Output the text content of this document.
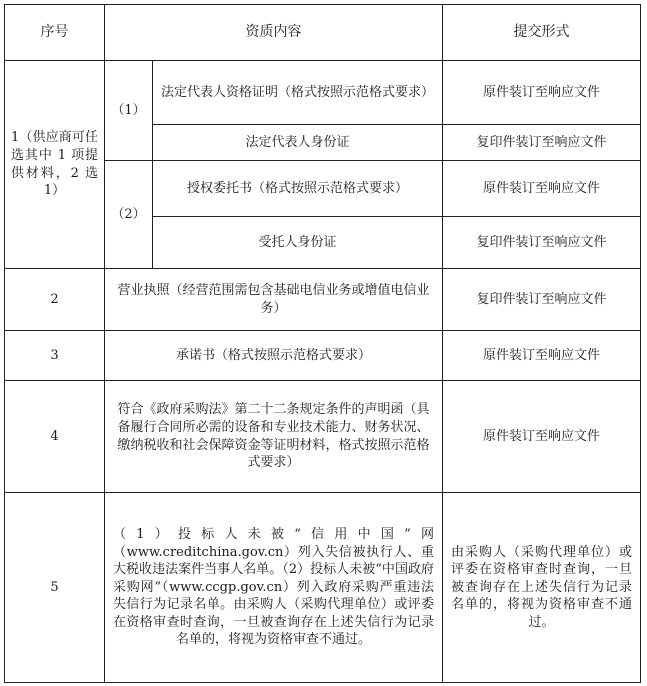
序号	资质内容		提交形式
1（供应商可任选其中 1 项提供材料，2 选 1）	（1）	法定代表人资格证明（格式按照示范格式要求）	原件装订至响应文件
		法定代表人身份证	复印件装订至响应文件
	（2）	授权委托书（格式按照示范格式要求）	原件装订至响应文件
		受托人身份证	复印件装订至响应文件
2	营业执照（经营范围需包含基础电信业务或增值电信业务）		复印件装订至响应文件
3	承诺书（格式按照示范格式要求）		原件装订至响应文件
4	符合《政府采购法》第二十二条规定条件的声明函（具备履行合同所必需的设备和专业技术能力、财务状况、缴纳税收和社会保障资金等证明材料，格式按照示范格式要求）		原件装订至响应文件
5	（1）投标人未被“信用中国”网（www.creditchina.gov.cn）列入失信被执行人、重大税收违法案件当事人名单。（2）投标人未被“中国政府采购网”（www.ccgp.gov.cn）列入政府采购严重违法失信行为记录名单。由采购人（采购代理单位）或评委在资格审查时查询，一旦被查询存在上述失信行为记录名单的，将视为资格审查不通过。		由采购人（采购代理单位）或评委在资格审查时查询，一旦被查询存在上述失信行为记录名单的，将视为资格审查不通过。
